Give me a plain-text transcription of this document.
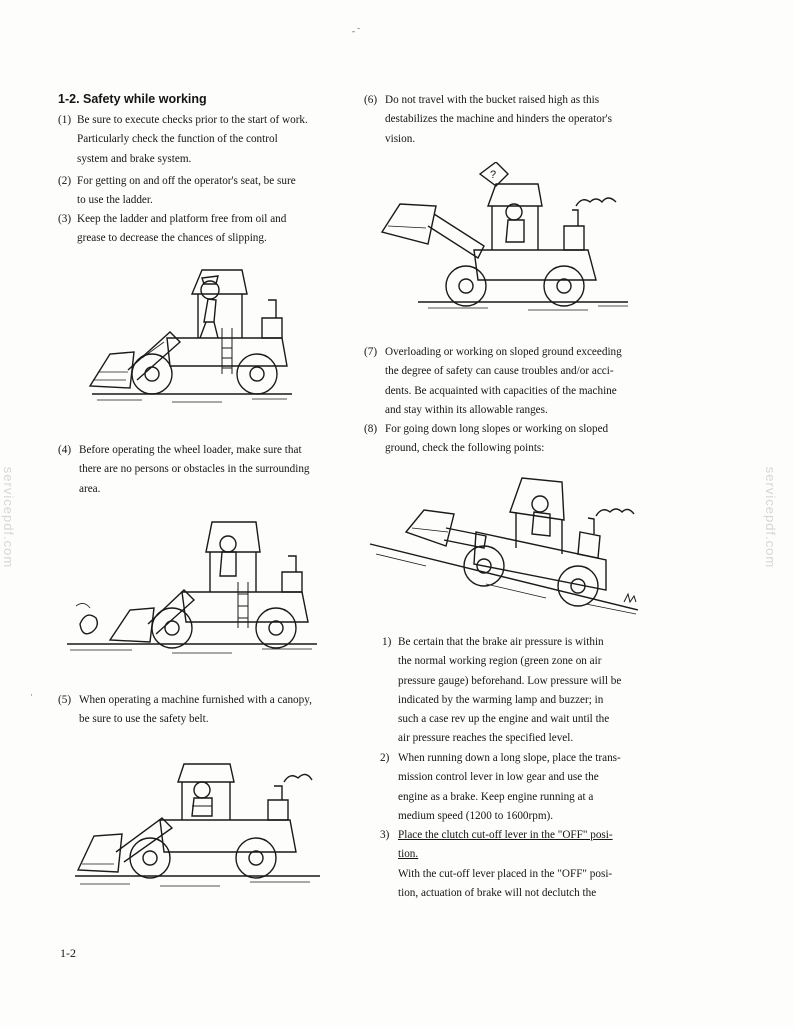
‑ ˉ
·
1-2. Safety while working
(1) Be sure to execute checks prior to the start of work.
Particularly check the function of the control
system and brake system.
(2) For getting on and off the operator's seat, be sure
to use the ladder.
(3) Keep the ladder and platform free from oil and
grease to decrease the chances of slipping.
(4) Before operating the wheel loader, make sure that
there are no persons or obstacles in the surrounding
area.
(5) When operating a machine furnished with a canopy,
be sure to use the safety belt.
(6) Do not travel with the bucket raised high as this
destabilizes the machine and hinders the operator's
vision.
?
(7) Overloading or working on sloped ground exceeding
the degree of safety can cause troubles and/or acci-
dents. Be acquainted with capacities of the machine
and stay within its allowable ranges.
(8) For going down long slopes or working on sloped
ground, check the following points:
1) Be certain that the brake air pressure is within
the normal working region (green zone on air
pressure gauge) beforehand. Low pressure will be
indicated by the warming lamp and buzzer; in
such a case rev up the engine and wait until the
air pressure reaches the specified level.
2) When running down a long slope, place the trans-
mission control lever in low gear and use the
engine as a brake. Keep engine running at a
medium speed (1200 to 1600rpm).
3) Place the clutch cut-off lever in the "OFF" posi-
tion.
With the cut-off lever placed in the "OFF" posi-
tion, actuation of brake will not declutch the
servicepdf.com	servicepdf.com
1-2
